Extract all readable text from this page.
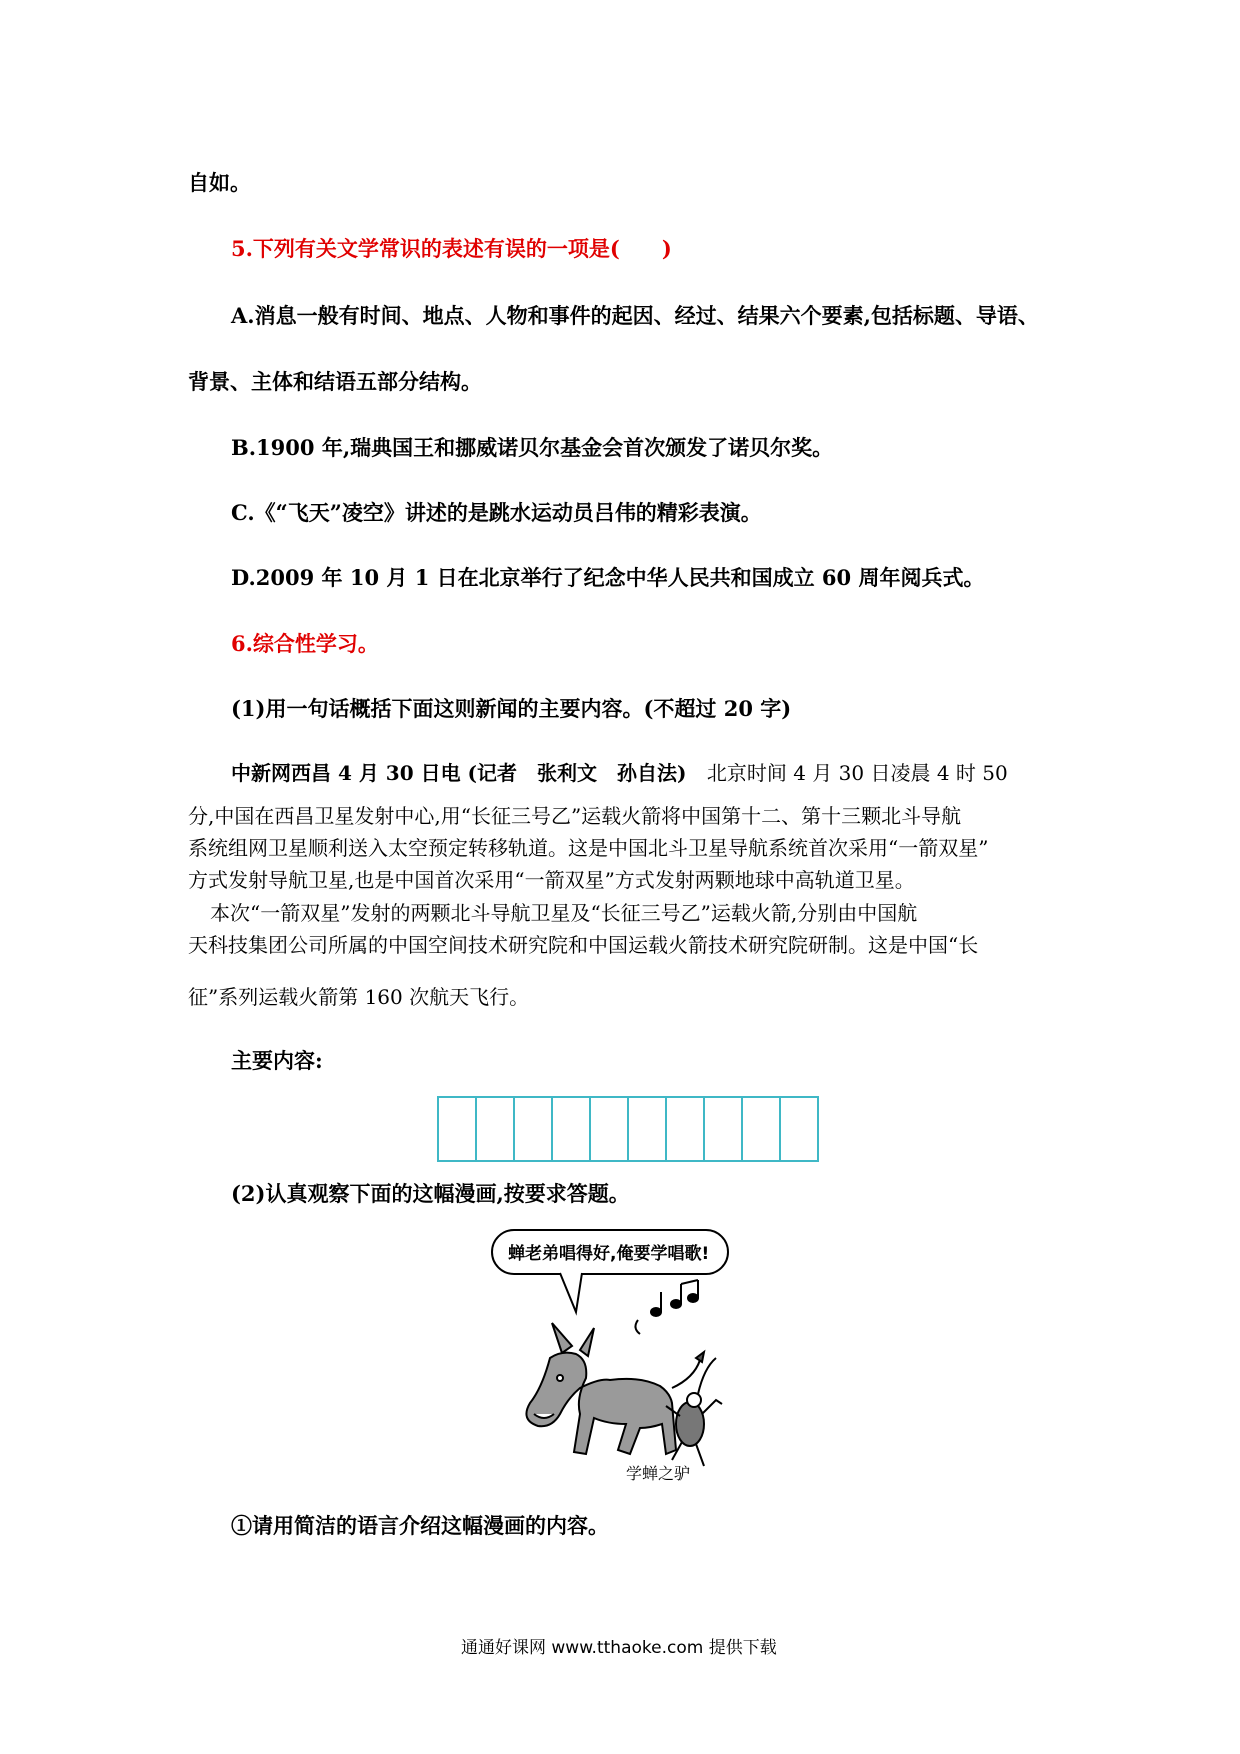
自如。
5.下列有关文学常识的表述有误的一项是(　　)
A.消息一般有时间、地点、人物和事件的起因、经过、结果六个要素,包括标题、导语、
背景、主体和结语五部分结构。
B.1900 年,瑞典国王和挪威诺贝尔基金会首次颁发了诺贝尔奖。
C.《“飞天”凌空》讲述的是跳水运动员吕伟的精彩表演。
D.2009 年 10 月 1 日在北京举行了纪念中华人民共和国成立 60 周年阅兵式。
6.综合性学习。
(1)用一句话概括下面这则新闻的主要内容。(不超过 20 字)
中新网西昌 4 月 30 日电 (记者　张利文　孙自法) 北京时间 4 月 30 日凌晨 4 时 50
分,中国在西昌卫星发射中心,用“长征三号乙”运载火箭将中国第十二、第十三颗北斗导航
系统组网卫星顺利送入太空预定转移轨道。这是中国北斗卫星导航系统首次采用“一箭双星”
方式发射导航卫星,也是中国首次采用“一箭双星”方式发射两颗地球中高轨道卫星。
本次“一箭双星”发射的两颗北斗导航卫星及“长征三号乙”运载火箭,分别由中国航
天科技集团公司所属的中国空间技术研究院和中国运载火箭技术研究院研制。这是中国“长
征”系列运载火箭第 160 次航天飞行。
主要内容:
(2)认真观察下面的这幅漫画,按要求答题。
蝉老弟唱得好,俺要学唱歌!
学蝉之驴
①请用简洁的语言介绍这幅漫画的内容。
通通好课网 www.tthaoke.com 提供下载
